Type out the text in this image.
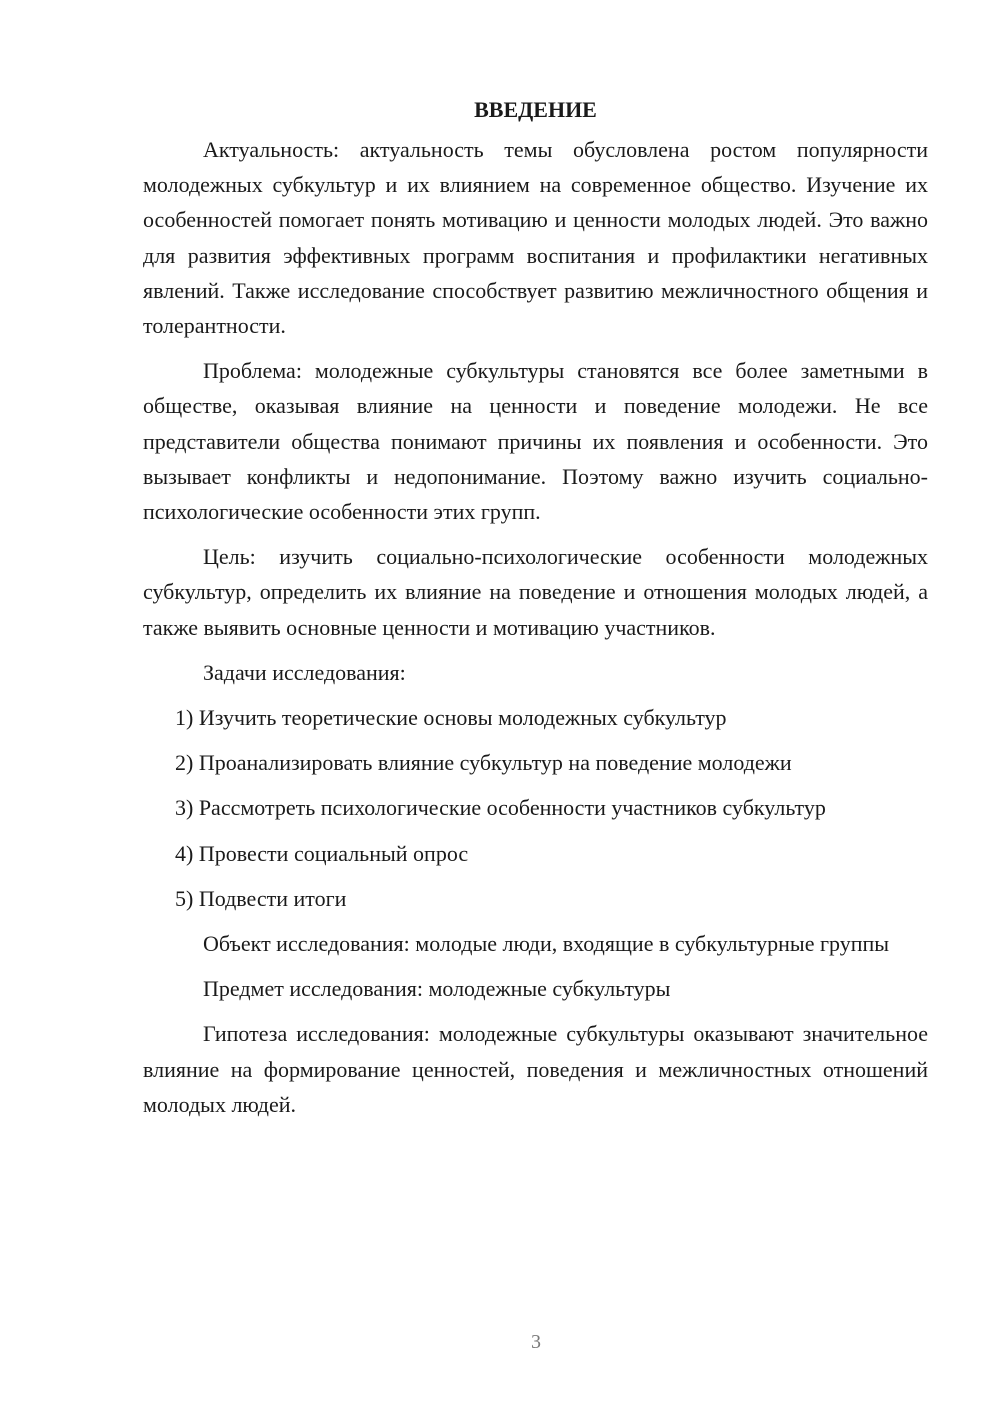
ВВЕДЕНИЕ

Актуальность: актуальность темы обусловлена ростом популярности молодежных субкультур и их влиянием на современное общество. Изучение их особенностей помогает понять мотивацию и ценности молодых людей. Это важно для развития эффективных программ воспитания и профилактики негативных явлений. Также исследование способствует развитию межличностного общения и толерантности.

Проблема: молодежные субкультуры становятся все более заметными в обществе, оказывая влияние на ценности и поведение молодежи. Не все представители общества понимают причины их появления и особенности. Это вызывает конфликты и недопонимание. Поэтому важно изучить социально-психологические особенности этих групп.

Цель: изучить социально-психологические особенности молодежных субкультур, определить их влияние на поведение и отношения молодых людей, а также выявить основные ценности и мотивацию участников.

Задачи исследования:

1) Изучить теоретические основы молодежных субкультур
2) Проанализировать влияние субкультур на поведение молодежи
3) Рассмотреть психологические особенности участников субкультур
4) Провести социальный опрос
5) Подвести итоги

Объект исследования: молодые люди, входящие в субкультурные группы

Предмет исследования: молодежные субкультуры

Гипотеза исследования: молодежные субкультуры оказывают значительное влияние на формирование ценностей, поведения и межличностных отношений молодых людей.

3
